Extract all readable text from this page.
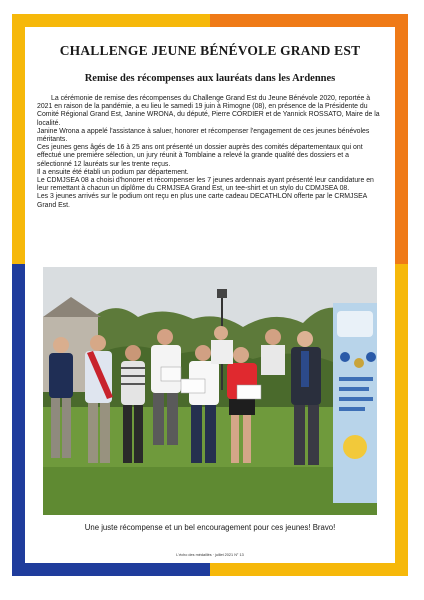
CHALLENGE JEUNE BÉNÉVOLE GRAND EST
Remise des récompenses aux lauréats dans les Ardennes

La cérémonie de remise des récompenses du Challenge Grand Est du Jeune Bénévole 2020, reportée à 2021 en raison de la pandémie, a eu lieu le samedi 19 juin à Rimogne (08), en présence de la Présidente du Comité Régional Grand Est, Janine WRONA, du député, Pierre CORDIER et de Yannick ROSSATO, Maire de la localité.

Janine Wrona a appelé l'assistance à saluer, honorer et récompenser l'engagement de ces jeunes bénévoles méritants.

Ces jeunes gens âgés de 16 à 25 ans ont présenté un dossier auprès des comités départementaux qui ont effectué une première sélection, un jury réunit à Tomblaine a relevé la grande qualité des dossiers et a sélectionné 12 lauréats sur les trente reçus.

Il a ensuite été établi un podium par département.

Le CDMJSEA 08 a choisi d'honorer et récompenser les 7 jeunes ardennais ayant présenté leur candidature en leur remettant à chacun un diplôme du CRMJSEA Grand Est, un tee-shirt et un stylo du CDMJSEA 08.

Les 3 jeunes arrivés sur le podium ont reçu en plus une carte cadeau DECATHLON offerte par le CRMJSEA Grand Est.

Une juste récompense et un bel encouragement pour ces jeunes! Bravo!
L'écho des médaillés · juillet 2021 N° 13
